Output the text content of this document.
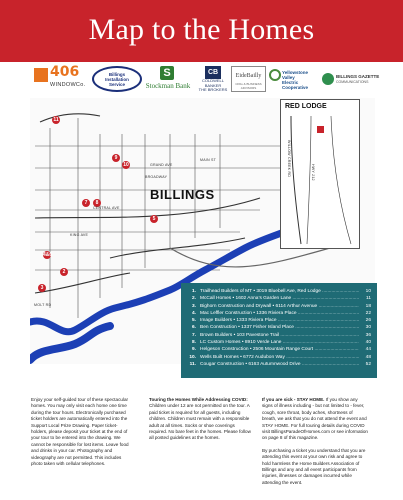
Map to the Homes
406
WINDOWCo.
Billings
Installation
Service
S
Stockman Bank
CB
COLDWELL
BANKER
THE BROKERS
EideBailly
CPAs & BUSINESS ADVISORS
Yellowstone Valley
Electric Cooperative
BILLINGS GAZETTE
COMMUNICATIONS
11
9
7	8
4&6
2
3
10
5
GRAND AVE
CENTRAL AVE
KING AVE
BROADWAY
MAIN ST
MOLT RD
BILLINGS
RED LODGE
HWY 212
WILLOW CREEK RD
1. Trailhead Builders of MT • 3019 Bluebell Ave, Red Lodge .....	10
2. McCall Homes • 1602 Anna’s Garden Lane .....	11
3. Bighorn Construction and Drywall • 6114 Arthur Avenue .....	18
4. Mac Leffler Construction • 1336 Riviera Place .....	22
5. Image Builders • 1333 Riviera Place .....	26
6. Ben Construction • 1337 Fisher Island Place .....	30
7. Brown Builders • 103 Pavestone Trail .....	36
8. LC Custom Homes • 8910 Verde Lane .....	40
9. Helgeson Construction • 2506 Mountain Range Court .....	44
10. Wells Built Homes • 6772 Audubon Way .....	48
11. Cougar Construction • 6163 Autumnwood Drive .....	52

Enjoy your self-guided tour of these spectacular homes. You may only visit each home one time during the tour hours. Electronically purchased ticket holders are automatically entered into the Support Local Prize Drawing. Paper ticket-holders, please deposit your ticket at the end of your tour to be entered into the drawing. We cannot be responsible for lost items. Leave food and drinks in your car. Photography and videography are not permitted. This includes photo taken with cellular telephones.

Touring the Homes While Addressing COVID:
Children under 12 are not permitted on the tour. A paid ticket is required for all guests, including children. Children must remain with a responsible adult at all times. Socks or shoe coverings required. No bare feet in the homes. Please follow all posted guidelines at the homes.

If you are sick - STAY HOME. If you show any signs of illness including - but not limited to - fever, cough, sore throat, body aches, shortness of breath, we ask that you do not attend the event and STAY HOME. For full touring details during COVID visit BillingsParadeOfHomes.com or see information on page 8 of this magazine.

By purchasing a ticket you understand that you are attending this event at your own risk and agree to hold harmless the Home Builders Association of Billings and any and all event participants from injuries, illnesses or damages incurred while attending the event.
